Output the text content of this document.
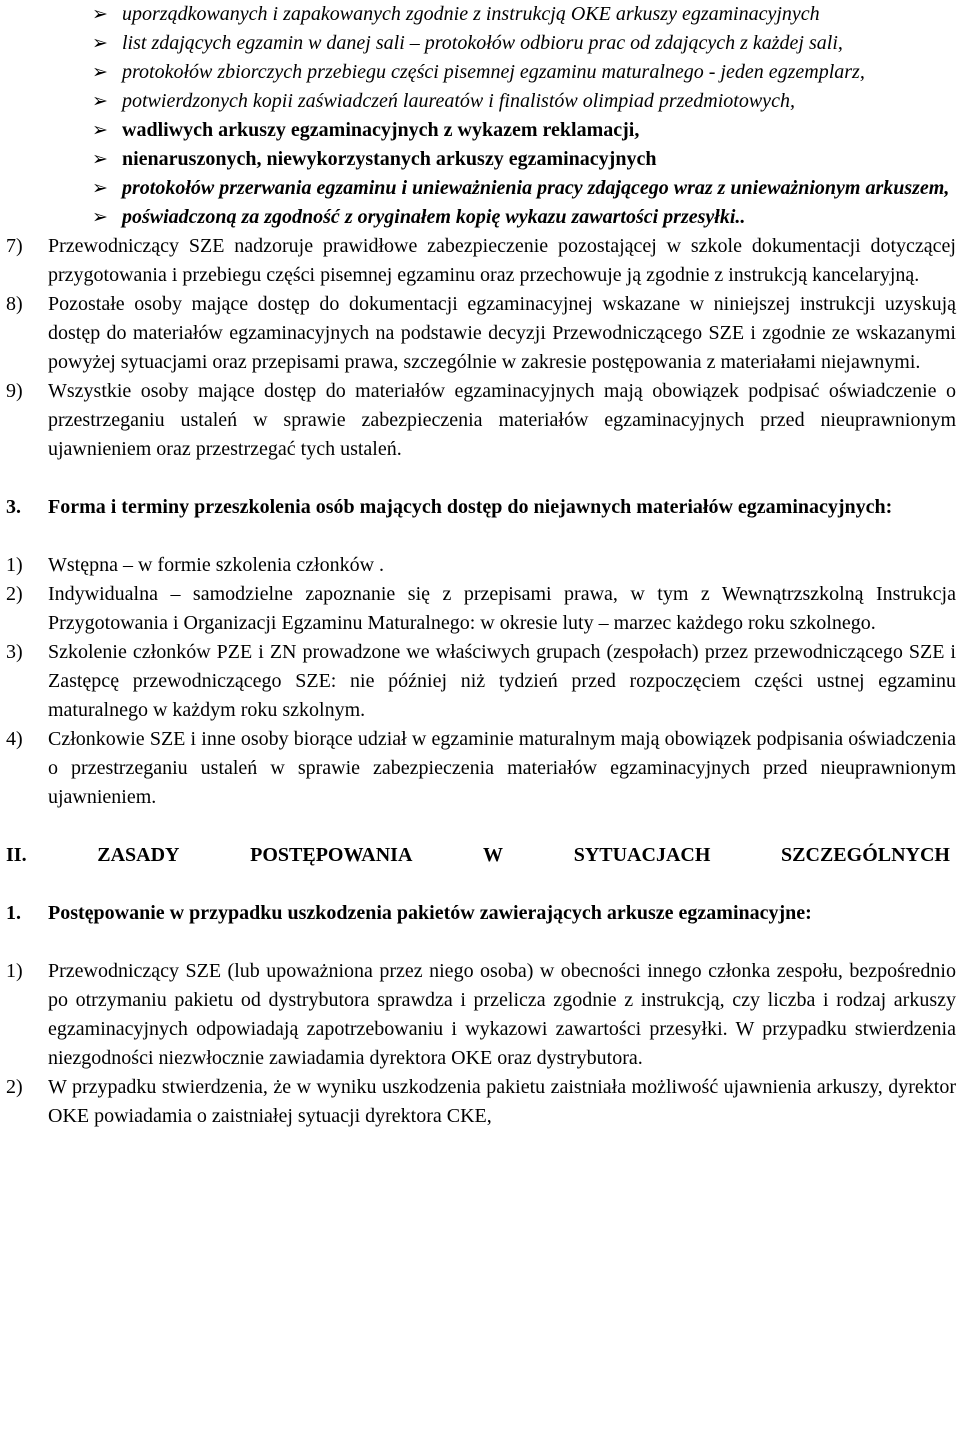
➢ uporządkowanych i zapakowanych zgodnie z instrukcją OKE arkuszy egzaminacyjnych
➢ list zdających egzamin w danej sali – protokołów odbioru prac od zdających z każdej sali,
➢ protokołów zbiorczych przebiegu części pisemnej egzaminu maturalnego - jeden egzemplarz,
➢ potwierdzonych kopii zaświadczeń laureatów i finalistów olimpiad przedmiotowych,
➢ wadliwych arkuszy egzaminacyjnych z wykazem reklamacji,
➢ nienaruszonych, niewykorzystanych arkuszy egzaminacyjnych
➢ protokołów przerwania egzaminu i unieważnienia pracy zdającego wraz z unieważnionym arkuszem,
➢ poświadczoną za zgodność z oryginałem kopię wykazu zawartości przesyłki..
7) Przewodniczący SZE nadzoruje prawidłowe zabezpieczenie pozostającej w szkole dokumentacji dotyczącej przygotowania i przebiegu części pisemnej egzaminu oraz przechowuje ją zgodnie z instrukcją kancelaryjną.
8) Pozostałe osoby mające dostęp do dokumentacji egzaminacyjnej wskazane w niniejszej instrukcji uzyskują dostęp do materiałów egzaminacyjnych na podstawie decyzji Przewodniczącego SZE i zgodnie ze wskazanymi powyżej sytuacjami oraz przepisami prawa, szczególnie w zakresie postępowania z materiałami niejawnymi.
9) Wszystkie osoby mające dostęp do materiałów egzaminacyjnych mają obowiązek podpisać oświadczenie o przestrzeganiu ustaleń w sprawie zabezpieczenia materiałów egzaminacyjnych przed nieuprawnionym ujawnieniem oraz przestrzegać tych ustaleń.
3. Forma i terminy przeszkolenia osób mających dostęp do niejawnych materiałów egzaminacyjnych:
1) Wstępna – w formie szkolenia członków .
2) Indywidualna – samodzielne zapoznanie się z przepisami prawa, w tym z Wewnątrzszkolną Instrukcja Przygotowania i Organizacji Egzaminu Maturalnego: w okresie luty – marzec każdego roku szkolnego.
3) Szkolenie członków PZE i ZN prowadzone we właściwych grupach (zespołach) przez przewodniczącego SZE i Zastępcę przewodniczącego SZE: nie później niż tydzień przed rozpoczęciem części ustnej egzaminu maturalnego w każdym roku szkolnym.
4) Członkowie SZE i inne osoby biorące udział w egzaminie maturalnym mają obowiązek podpisania oświadczenia o przestrzeganiu ustaleń w sprawie zabezpieczenia materiałów egzaminacyjnych przed nieuprawnionym ujawnieniem.
II.	ZASADY	POSTĘPOWANIA	W	SYTUACJACH	SZCZEGÓLNYCH
1. Postępowanie w przypadku uszkodzenia pakietów zawierających arkusze egzaminacyjne:
1) Przewodniczący SZE (lub upoważniona przez niego osoba) w obecności innego członka zespołu, bezpośrednio po otrzymaniu pakietu od dystrybutora sprawdza i przelicza zgodnie z instrukcją, czy liczba i rodzaj arkuszy egzaminacyjnych odpowiadają zapotrzebowaniu i wykazowi zawartości przesyłki. W przypadku stwierdzenia niezgodności niezwłocznie zawiadamia dyrektora OKE oraz dystrybutora.
2) W przypadku stwierdzenia, że w wyniku uszkodzenia pakietu zaistniała możliwość ujawnienia arkuszy, dyrektor OKE powiadamia o zaistniałej sytuacji dyrektora CKE,
